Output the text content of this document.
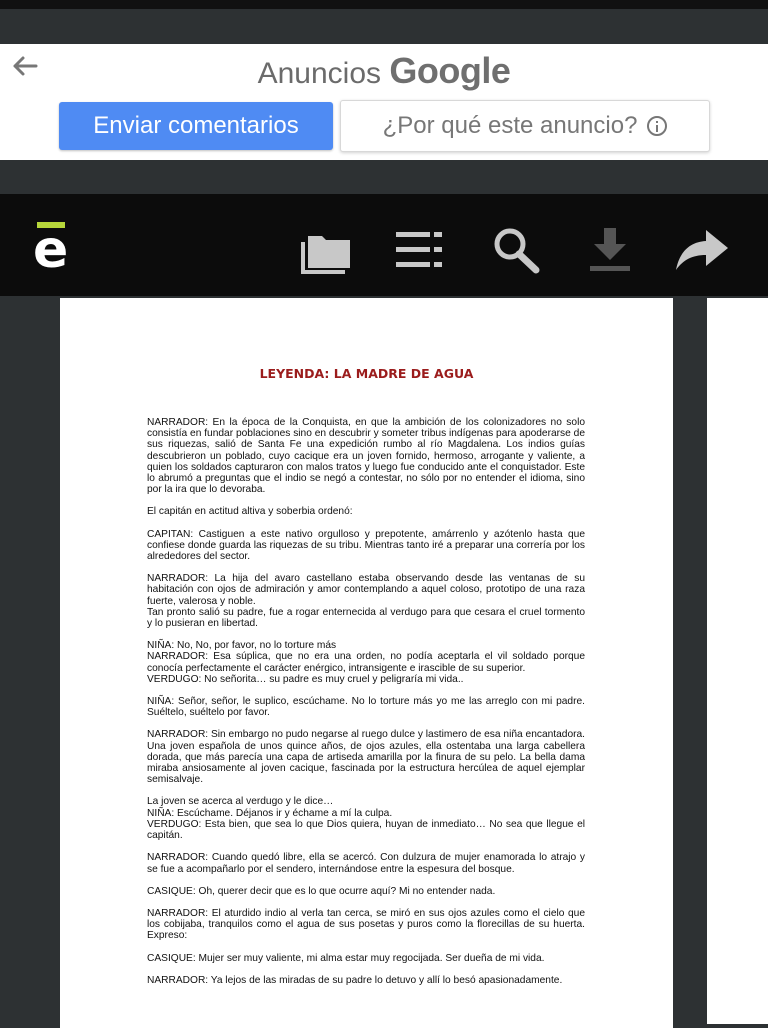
Anuncios Google
Enviar comentarios	¿Por qué este anuncio?
e
LEYENDA: LA MADRE DE AGUA

NARRADOR: En la época de la Conquista, en que la ambición de los colonizadores no solo consistía en fundar poblaciones sino en descubrir y someter tribus indígenas para apoderarse de sus riquezas, salió de Santa Fe una expedición rumbo al río Magdalena. Los indios guías descubrieron un poblado, cuyo cacique era un joven fornido, hermoso, arrogante y valiente, a quien los soldados capturaron con malos tratos y luego fue conducido ante el conquistador. Este lo abrumó a preguntas que el indio se negó a contestar, no sólo por no entender el idioma, sino por la ira que lo devoraba.

El capitán en actitud altiva y soberbia ordenó:

CAPITAN: Castiguen a este nativo orgulloso y prepotente, amárrenlo y azótenlo hasta que confiese donde guarda las riquezas de su tribu. Mientras tanto iré a preparar una correría por los alrededores del sector.

NARRADOR: La hija del avaro castellano estaba observando desde las ventanas de su habitación con ojos de admiración y amor contemplando a aquel coloso, prototipo de una raza fuerte, valerosa y noble.
Tan pronto salió su padre, fue a rogar enternecida al verdugo para que cesara el cruel tormento y lo pusieran en libertad.

NIÑA: No, No, por favor, no lo torture más
NARRADOR: Esa súplica, que no era una orden, no podía aceptarla el vil soldado porque conocía perfectamente el carácter enérgico, intransigente e irascible de su superior.
VERDUGO: No señorita… su padre es muy cruel y peligraría mi vida..

NIÑA: Señor, señor, le suplico, escúchame. No lo torture más yo me las arreglo con mi padre. Suéltelo, suéltelo por favor.

NARRADOR: Sin embargo no pudo negarse al ruego dulce y lastimero de esa niña encantadora. Una joven española de unos quince años, de ojos azules, ella ostentaba una larga cabellera dorada, que más parecía una capa de artiseda amarilla por la finura de su pelo. La bella dama miraba ansiosamente al joven cacique, fascinada por la estructura hercúlea de aquel ejemplar semisalvaje.

La joven se acerca al verdugo y le dice…
NIÑA: Escúchame. Déjanos ir y échame a mí la culpa.
VERDUGO: Esta bien, que sea lo que Dios quiera, huyan de inmediato… No sea que llegue el capitán.

NARRADOR: Cuando quedó libre, ella se acercó. Con dulzura de mujer enamorada lo atrajo y se fue a acompañarlo por el sendero, internándose entre la espesura del bosque.

CASIQUE: Oh, querer decir que es lo que ocurre aquí? Mi no entender nada.

NARRADOR: El aturdido indio al verla tan cerca, se miró en sus ojos azules como el cielo que los cobijaba, tranquilos como el agua de sus posetas y puros como la florecillas de su huerta. Expreso:

CASIQUE: Mujer ser muy valiente, mi alma estar muy regocijada. Ser dueña de mi vida.

NARRADOR: Ya lejos de las miradas de su padre lo detuvo y allí lo besó apasionadamente.
